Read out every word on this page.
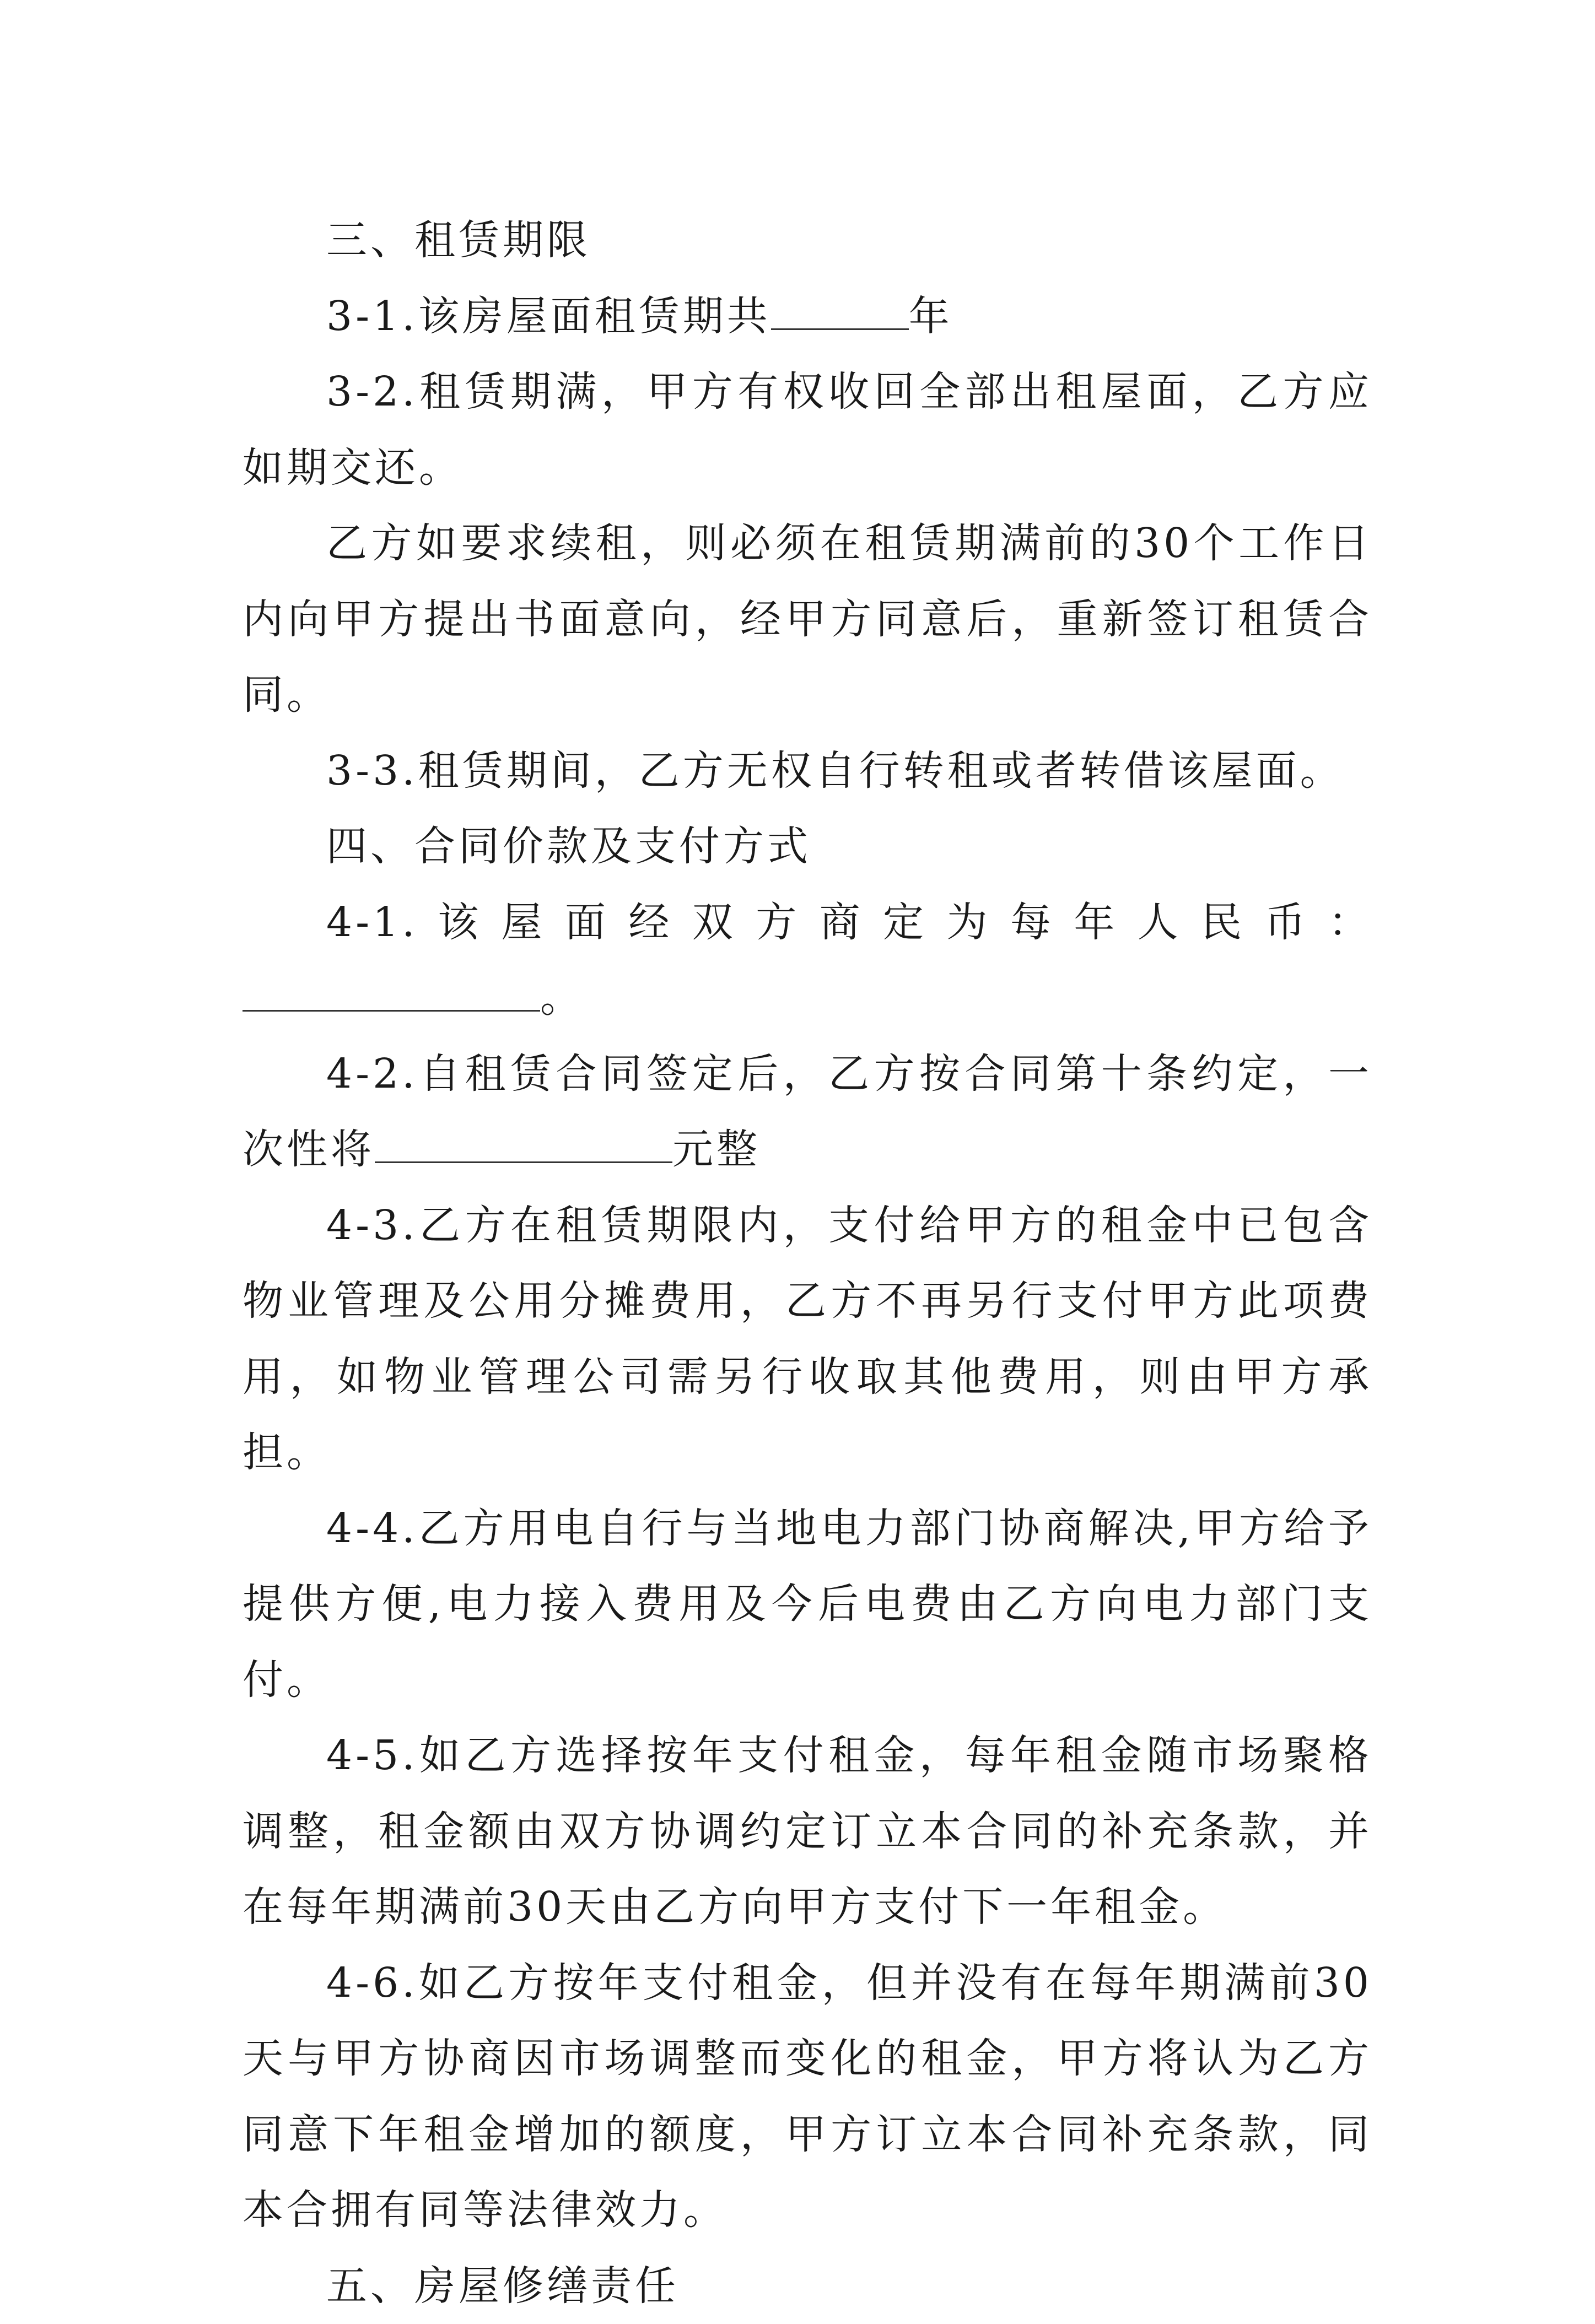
三、租赁期限

3-1.该房屋面租赁期共	年

3-2.租赁期满，甲方有权收回全部出租屋面，乙方应如期交还。

乙方如要求续租，则必须在租赁期满前的30个工作日内向甲方提出书面意向，经甲方同意后，重新签订租赁合同。

3-3.租赁期间，乙方无权自行转租或者转借该屋面。

四、合同价款及支付方式

4-1.该屋面经双方商定为每年人民币：。

4-2.自租赁合同签定后，乙方按合同第十条约定，一次性将	元整

4-3.乙方在租赁期限内，支付给甲方的租金中已包含物业管理及公用分摊费用，乙方不再另行支付甲方此项费用，如物业管理公司需另行收取其他费用，则由甲方承担。

4-4.乙方用电自行与当地电力部门协商解决,甲方给予提供方便,电力接入费用及今后电费由乙方向电力部门支付。

4-5.如乙方选择按年支付租金，每年租金随市场聚格调整，租金额由双方协调约定订立本合同的补充条款，并在每年期满前30天由乙方向甲方支付下一年租金。

4-6.如乙方按年支付租金，但并没有在每年期满前30天与甲方协商因市场调整而变化的租金，甲方将认为乙方同意下年租金增加的额度，甲方订立本合同补充条款，同本合拥有同等法律效力。

五、房屋修缮责任
